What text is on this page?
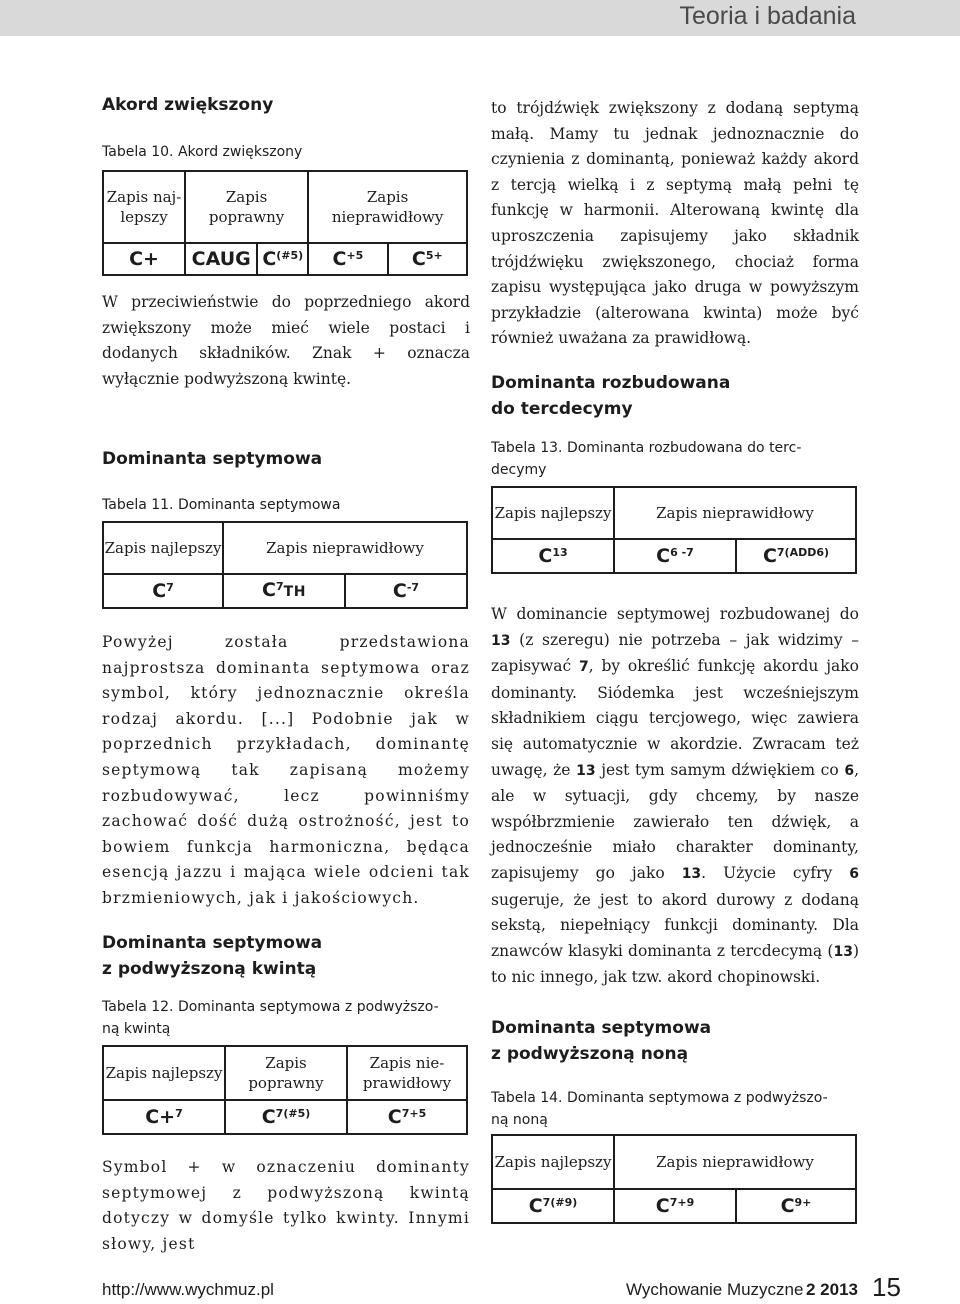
Teoria i badania

Akord zwiększony

Tabela 10. Akord zwiększony

Zapis naj-lepszy	Zapis poprawny		Zapis nieprawidłowy	
C+	CAUG	$C^{(\#5)}$	$C^{+5}$	$C^{5+}$

W przeciwieństwie do poprzedniego akord zwiększony może mieć wiele postaci i dodanych składników. Znak + oznacza wyłącznie podwyższoną kwintę.

Dominanta septymowa

Tabela 11. Dominanta septymowa

Zapis najlepszy	Zapis nieprawidłowy	
$C^7$	$C^7TH$	$C^{-7}$

Powyżej została przedstawiona najprostsza dominanta septymowa oraz symbol, który jednoznacznie określa rodzaj akordu. [...] Podobnie jak w poprzednich przykładach, dominantę septymową tak zapisaną możemy rozbudowywać, lecz powinniśmy zachować dość dużą ostrożność, jest to bowiem funkcja harmoniczna, będąca esencją jazzu i mająca wiele odcieni tak brzmieniowych, jak i jakościowych.

Dominanta septymowa
z podwyższoną kwintą

Tabela 12. Dominanta septymowa z podwyższo-
ną kwintą

Zapis najlepszy	Zapis poprawny	Zapis nie-prawidłowy
C+$^7$	$C^{7(\#5)}$	$C^{7+5}$

Symbol + w oznaczeniu dominanty septymowej z podwyższoną kwintą dotyczy w domyśle tylko kwinty. Innymi słowy, jest

to trójdźwięk zwiększony z dodaną septymą małą. Mamy tu jednak jednoznacznie do czynienia z dominantą, ponieważ każdy akord z tercją wielką i z septymą małą pełni tę funkcję w harmonii. Alterowaną kwintę dla uproszczenia zapisujemy jako składnik trójdźwięku zwiększonego, chociaż forma zapisu występująca jako druga w powyższym przykładzie (alterowana kwinta) może być również uważana za prawidłową.

Dominanta rozbudowana
do tercdecymy

Tabela 13. Dominanta rozbudowana do terc-
decymy

Zapis najlepszy	Zapis nieprawidłowy	
$C^{13}$	$C^{6 -7}$	$C^{7(ADD6)}$

W dominancie septymowej rozbudowanej do 13 (z szeregu) nie potrzeba – jak widzimy – zapisywać 7, by określić funkcję akordu jako dominanty. Siódemka jest wcześniejszym składnikiem ciągu tercjowego, więc zawiera się automatycznie w akordzie. Zwracam też uwagę, że 13 jest tym samym dźwiękiem co 6, ale w sytuacji, gdy chcemy, by nasze współbrzmienie zawierało ten dźwięk, a jednocześnie miało charakter dominanty, zapisujemy go jako 13. Użycie cyfry 6 sugeruje, że jest to akord durowy z dodaną sekstą, niepełniący funkcji dominanty. Dla znawców klasyki dominanta z tercdecymą (13) to nic innego, jak tzw. akord chopinowski.

Dominanta septymowa
z podwyższoną noną

Tabela 14. Dominanta septymowa z podwyższo-
ną noną

Zapis najlepszy	Zapis nieprawidłowy	
$C^{7(\#9)}$	$C^{7+9}$	$C^{9+}$
http://www.wychmuz.pl	Wychowanie Muzyczne 2 2013 15
